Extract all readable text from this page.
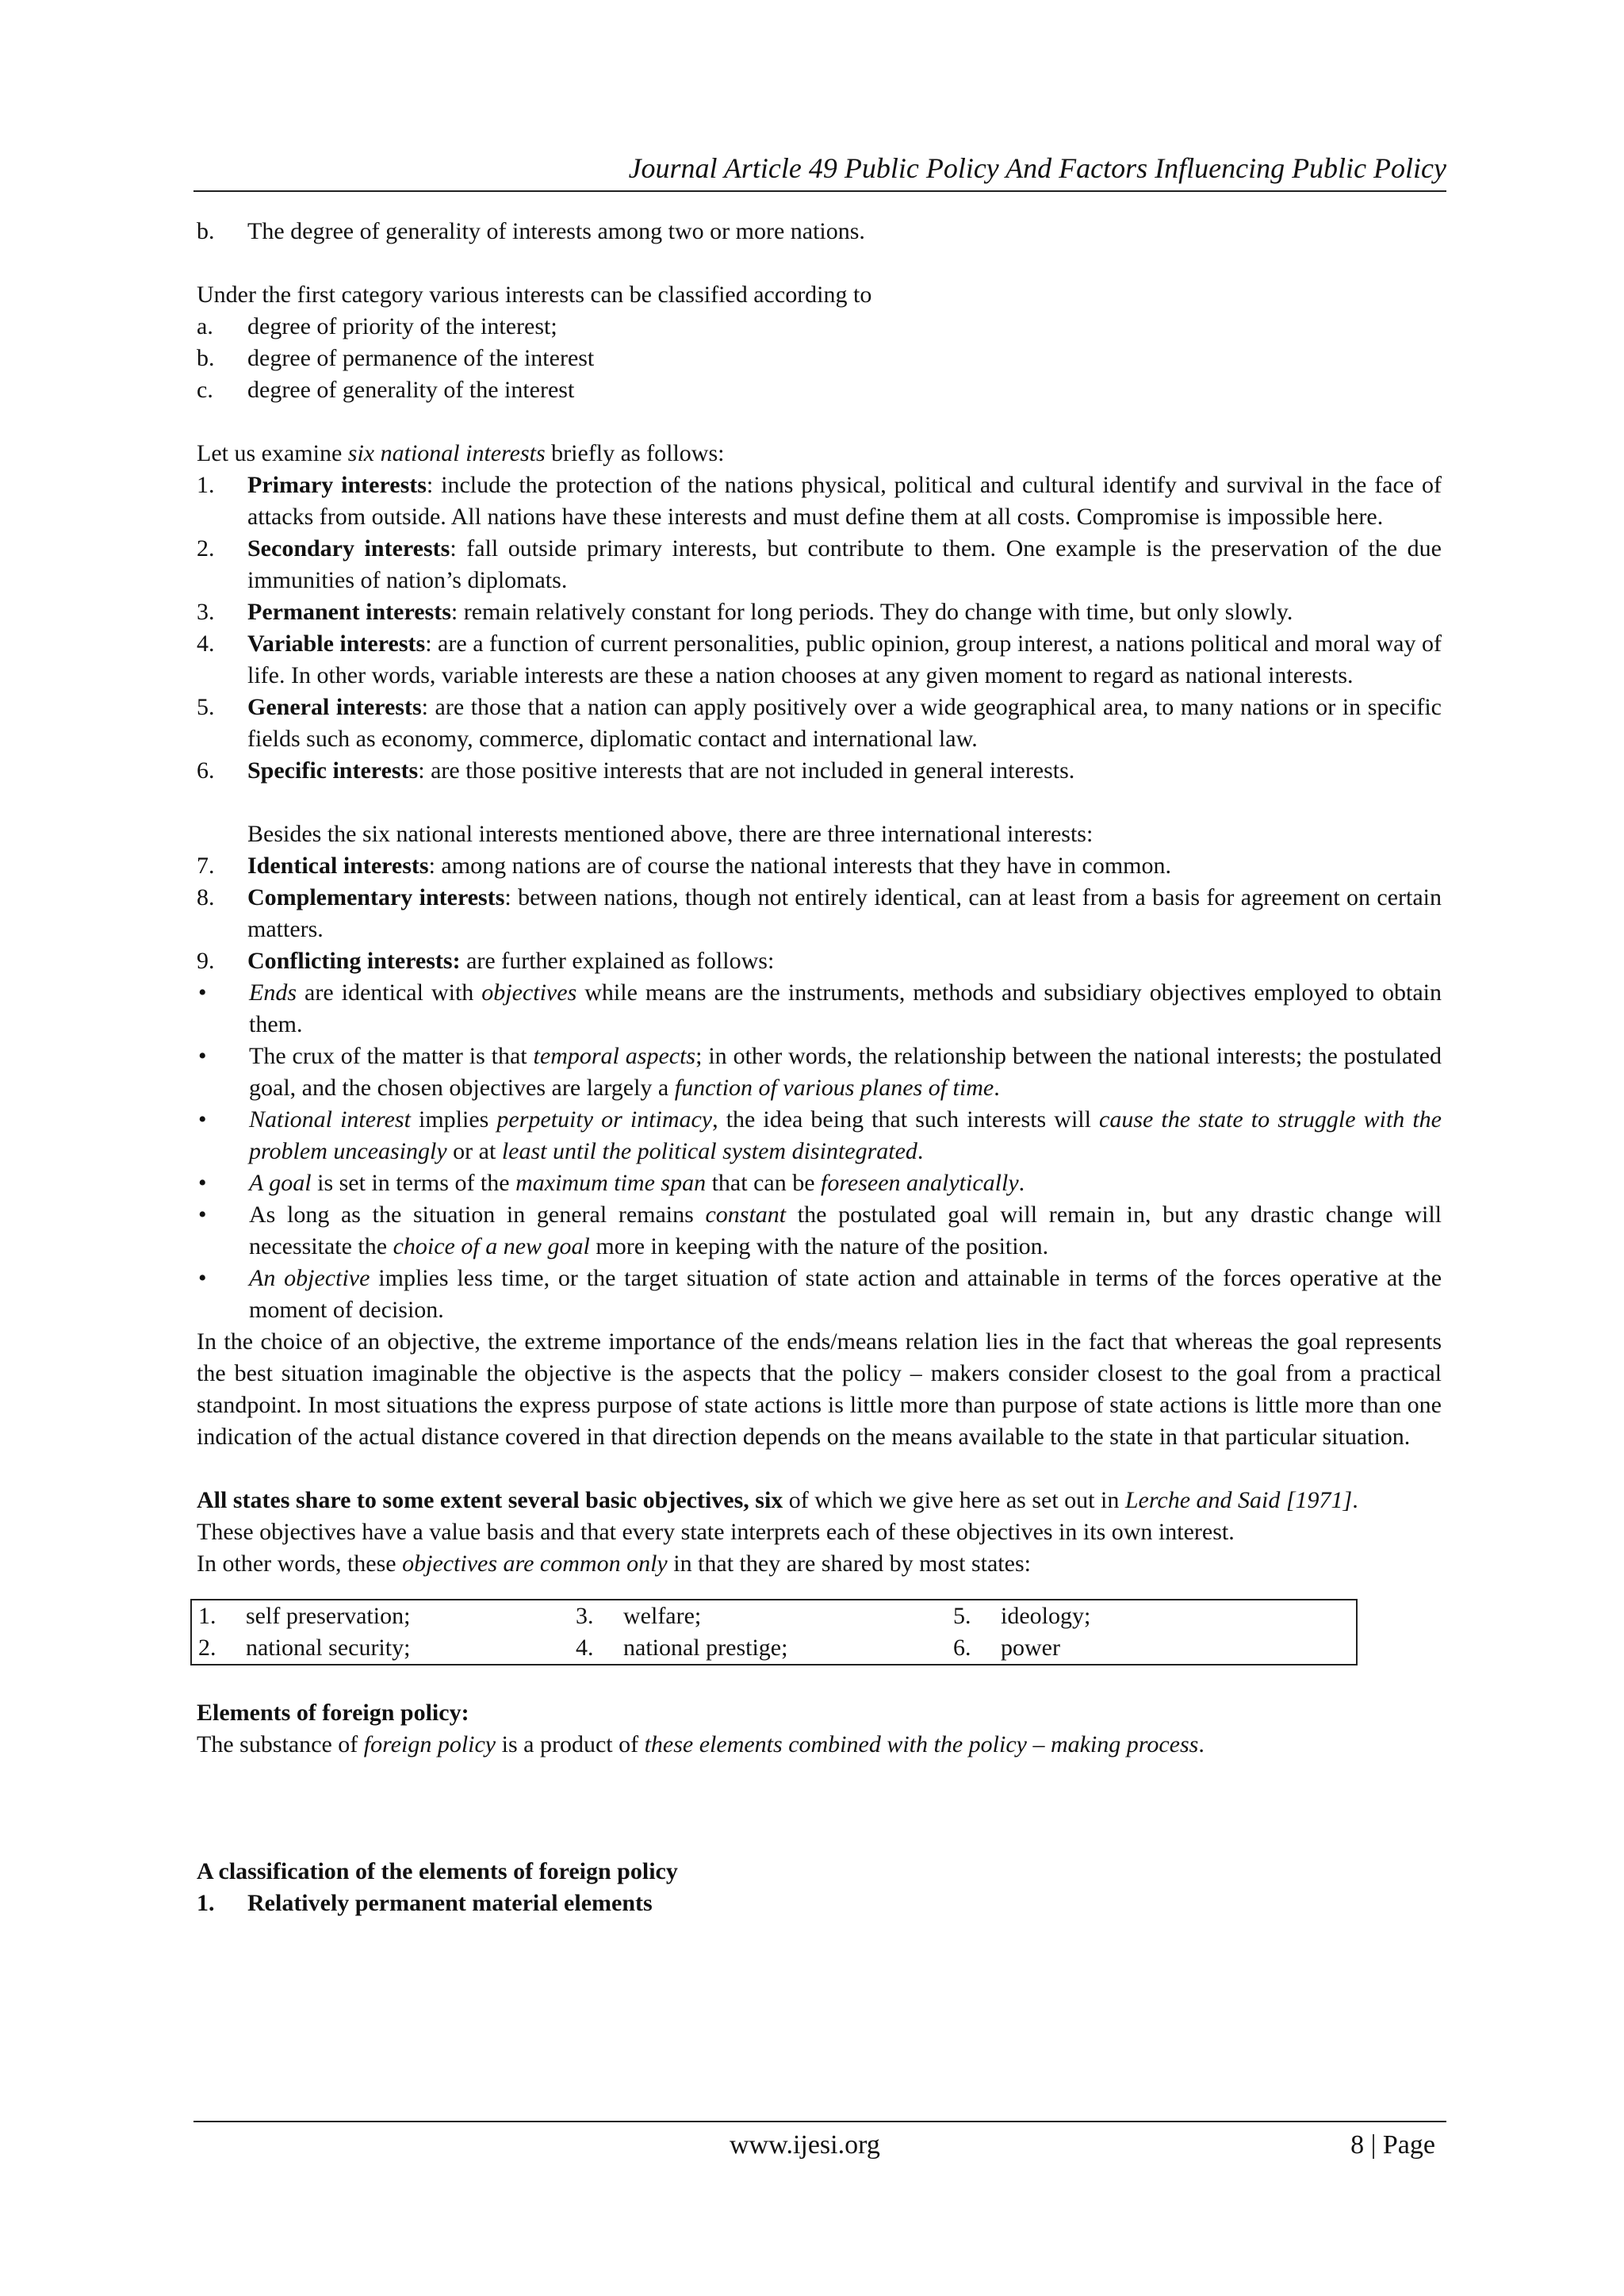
Journal Article 49 Public Policy And Factors Influencing Public Policy
b.	The degree of generality of interests among two or more nations.

Under the first category various interests can be classified according to

a.	degree of priority of the interest;
b.	degree of permanence of the interest
c.	degree of generality of the interest

Let us examine six national interests briefly as follows:

1.	Primary interests: include the protection of the nations physical, political and cultural identify and survival in the face of attacks from outside. All nations have these interests and must define them at all costs. Compromise is impossible here.
2.	Secondary interests: fall outside primary interests, but contribute to them. One example is the preservation of the due immunities of nation’s diplomats.
3.	Permanent interests: remain relatively constant for long periods. They do change with time, but only slowly.
4.	Variable interests: are a function of current personalities, public opinion, group interest, a nations political and moral way of life. In other words, variable interests are these a nation chooses at any given moment to regard as national interests.
5.	General interests: are those that a nation can apply positively over a wide geographical area, to many nations or in specific fields such as economy, commerce, diplomatic contact and international law.
6.	Specific interests: are those positive interests that are not included in general interests.

Besides the six national interests mentioned above, there are three international interests:

7.	Identical interests: among nations are of course the national interests that they have in common.
8.	Complementary interests: between nations, though not entirely identical, can at least from a basis for agreement on certain matters.
9.	Conflicting interests: are further explained as follows:
•	Ends are identical with objectives while means are the instruments, methods and subsidiary objectives employed to obtain them.
•	The crux of the matter is that temporal aspects; in other words, the relationship between the national interests; the postulated goal, and the chosen objectives are largely a function of various planes of time.
•	National interest implies perpetuity or intimacy, the idea being that such interests will cause the state to struggle with the problem unceasingly or at least until the political system disintegrated.
•	A goal is set in terms of the maximum time span that can be foreseen analytically.
•	As long as the situation in general remains constant the postulated goal will remain in, but any drastic change will necessitate the choice of a new goal more in keeping with the nature of the position.
•	An objective implies less time, or the target situation of state action and attainable in terms of the forces operative at the moment of decision.

In the choice of an objective, the extreme importance of the ends/means relation lies in the fact that whereas the goal represents the best situation imaginable the objective is the aspects that the policy – makers consider closest to the goal from a practical standpoint. In most situations the express purpose of state actions is little more than purpose of state actions is little more than one indication of the actual distance covered in that direction depends on the means available to the state in that particular situation.

All states share to some extent several basic objectives, six of which we give here as set out in Lerche and Said [1971].

These objectives have a value basis and that every state interprets each of these objectives in its own interest.

In other words, these objectives are common only in that they are shared by most states:

1.	self preservation;	3.	welfare;	5.	ideology;
2.	national security;	4.	national prestige;	6.	power

Elements of foreign policy:

The substance of foreign policy is a product of these elements combined with the policy – making process.

A classification of the elements of foreign policy

1.	Relatively permanent material elements
www.ijesi.org	8 | Page
